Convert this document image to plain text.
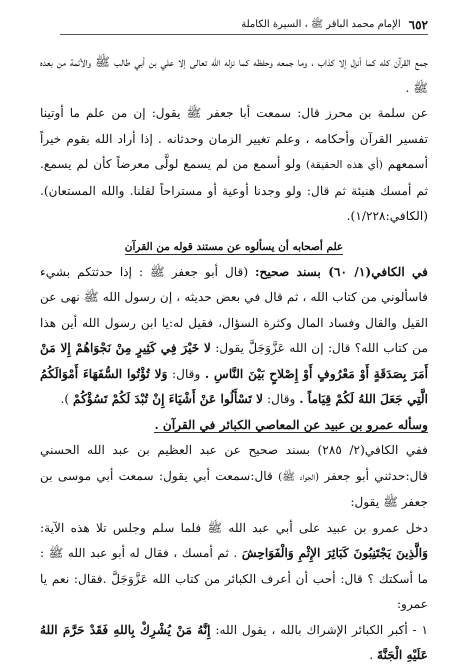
٦٥٢
الإمام محمد الباقر ﷺ ، السيرة الكاملة

جمع القرآن كله كما أنزل إلا كذاب ، وما جمعه وحفظه كما نزله الله تعالى إلا علي بن أبي طالب ﷺ والأئمة من بعده ﷺ .

عن سلمة بن محرز قال: سمعت أبا جعفر ﷺ يقول: إن من علم ما أوتينا تفسير القرآن وأحكامه ، وعلم تغيير الزمان وحدثانه . إذا أراد الله بقوم خيراً أسمعهم (أي هذه الحقيقة) ولو أسمع من لم يسمع لولَّى معرضاً كأن لم يسمع. ثم أمسك هنيئة ثم قال: ولو وجدنا أوعية أو مستراحاً لقلنا. والله المستعان). (الكافي:١/٢٢٨).

علم أصحابه أن يسألوه عن مستند قوله من القرآن

في الكافي(١/ ٦٠) بسند صحيح: (قال أبو جعفر ﷺ : إذا حدثتكم بشيء فاسألوني من كتاب الله ، ثم قال في بعض حديثه ، إن رسول الله ﷺ نهى عن القيل والقال وفساد المال وكثرة السؤال، فقيل له:يا ابن رسول الله أين هذا من كتاب الله؟ قال: إن الله عَزَّوَجَلَّ يقول: لا خَيْرَ فِي كَثِيرٍ مِنْ نَجْوَاهُمْ إِلا مَنْ أَمَرَ بِصَدَقَةٍ أَوْ مَعْرُوفٍ أَوْ إِصْلاحٍ بَيْنَ النَّاسِ . وقال: وَلا تُؤْتُوا السُّفَهَاءَ أَمْوَالَكُمُ الَّتِي جَعَلَ اللهُ لَكُمْ قِيَاماً . وقال: لا تَسْأَلُوا عَنْ أَشْيَاءَ إِنْ تُبْدَ لَكُمْ تَسُؤْكُمْ ).

وسأله عمرو بن عبيد عن المعاصي الكبائر في القرآن .

ففي الكافي(٢/ ٢٨٥) بسند صحيح عن عبد العظيم بن عبد الله الحسني قال:حدثني أبو جعفر (الجواد ﷺ) قال:سمعت أبي يقول: سمعت أبي موسى بن جعفر ﷺ يقول:

دخل عمرو بن عبيد على أبي عبد الله ﷺ فلما سلم وجلس تلا هذه الآية: وَالَّذِينَ يَجْتَنِبُونَ كَبَائِرَ الإِثْمِ وَالْفَوَاحِشَ . ثم أمسك ، فقال له أبو عبد الله ﷺ : ما أسكتك ؟ قال: أحب أن أعرف الكبائر من كتاب الله عَزَّوَجَلَّ .فقال: نعم يا عمرو:

١ - أكبر الكبائر الإشراك بالله ، يقول الله: إِنَّهُ مَنْ يُشْرِكْ بِاللهِ فَقَدْ حَرَّمَ اللهُ عَلَيْهِ الْجَنَّةَ .
